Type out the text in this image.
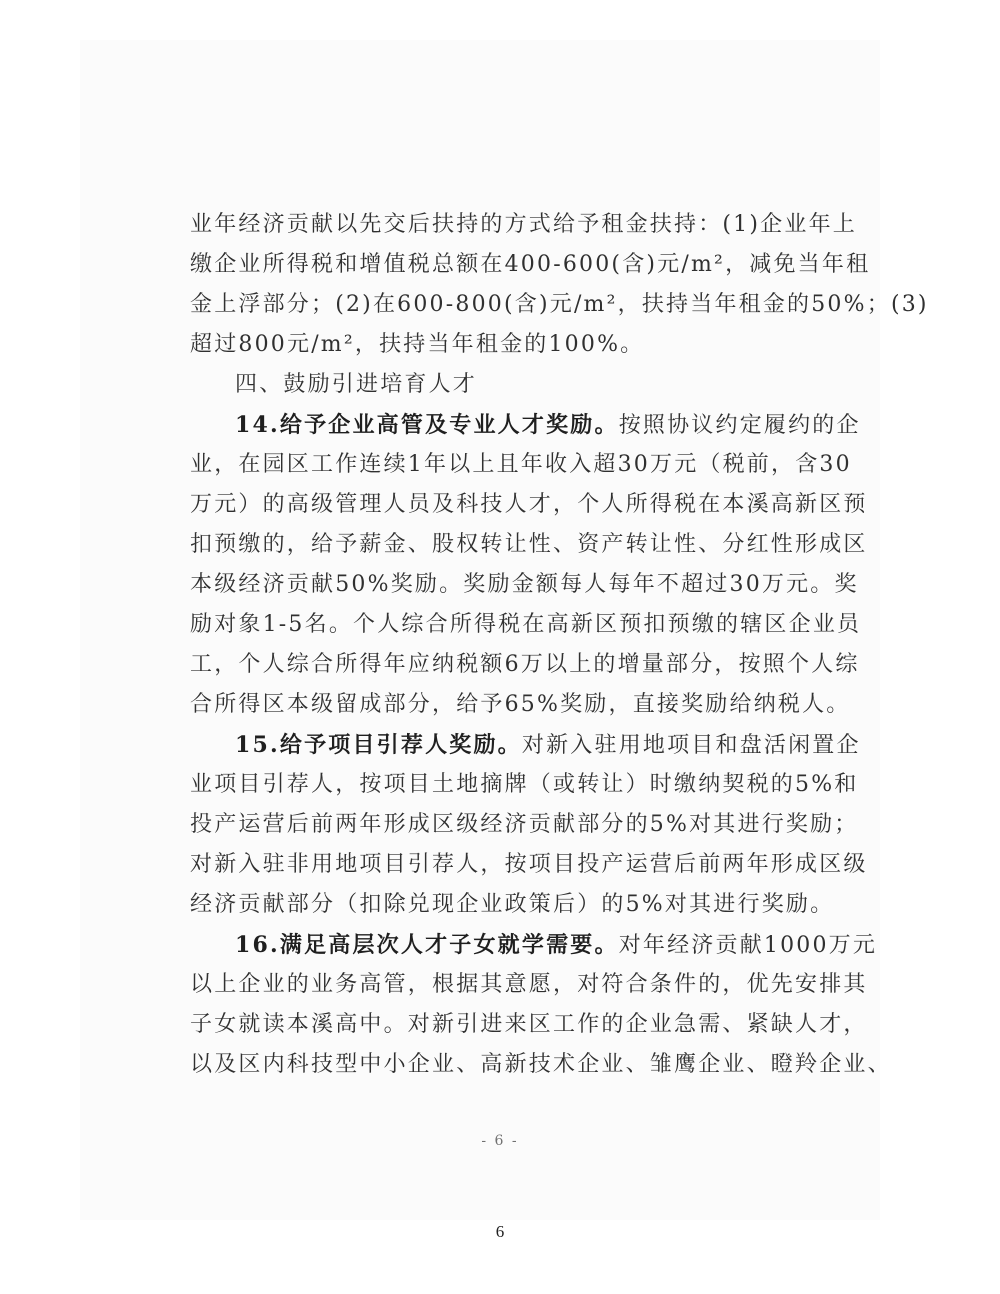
业年经济贡献以先交后扶持的方式给予租金扶持：(1)企业年上
缴企业所得税和增值税总额在400-600(含)元/m²，减免当年租
金上浮部分；(2)在600-800(含)元/m²，扶持当年租金的50%；(3)
超过800元/m²，扶持当年租金的100%。
四、鼓励引进培育人才
14.给予企业高管及专业人才奖励。按照协议约定履约的企
业，在园区工作连续1年以上且年收入超30万元（税前，含30
万元）的高级管理人员及科技人才，个人所得税在本溪高新区预
扣预缴的，给予薪金、股权转让性、资产转让性、分红性形成区
本级经济贡献50%奖励。奖励金额每人每年不超过30万元。奖
励对象1-5名。个人综合所得税在高新区预扣预缴的辖区企业员
工，个人综合所得年应纳税额6万以上的增量部分，按照个人综
合所得区本级留成部分，给予65%奖励，直接奖励给纳税人。
15.给予项目引荐人奖励。对新入驻用地项目和盘活闲置企
业项目引荐人，按项目土地摘牌（或转让）时缴纳契税的5%和
投产运营后前两年形成区级经济贡献部分的5%对其进行奖励；
对新入驻非用地项目引荐人，按项目投产运营后前两年形成区级
经济贡献部分（扣除兑现企业政策后）的5%对其进行奖励。
16.满足高层次人才子女就学需要。对年经济贡献1000万元
以上企业的业务高管，根据其意愿，对符合条件的，优先安排其
子女就读本溪高中。对新引进来区工作的企业急需、紧缺人才，
以及区内科技型中小企业、高新技术企业、雏鹰企业、瞪羚企业、
- 6 -
6
